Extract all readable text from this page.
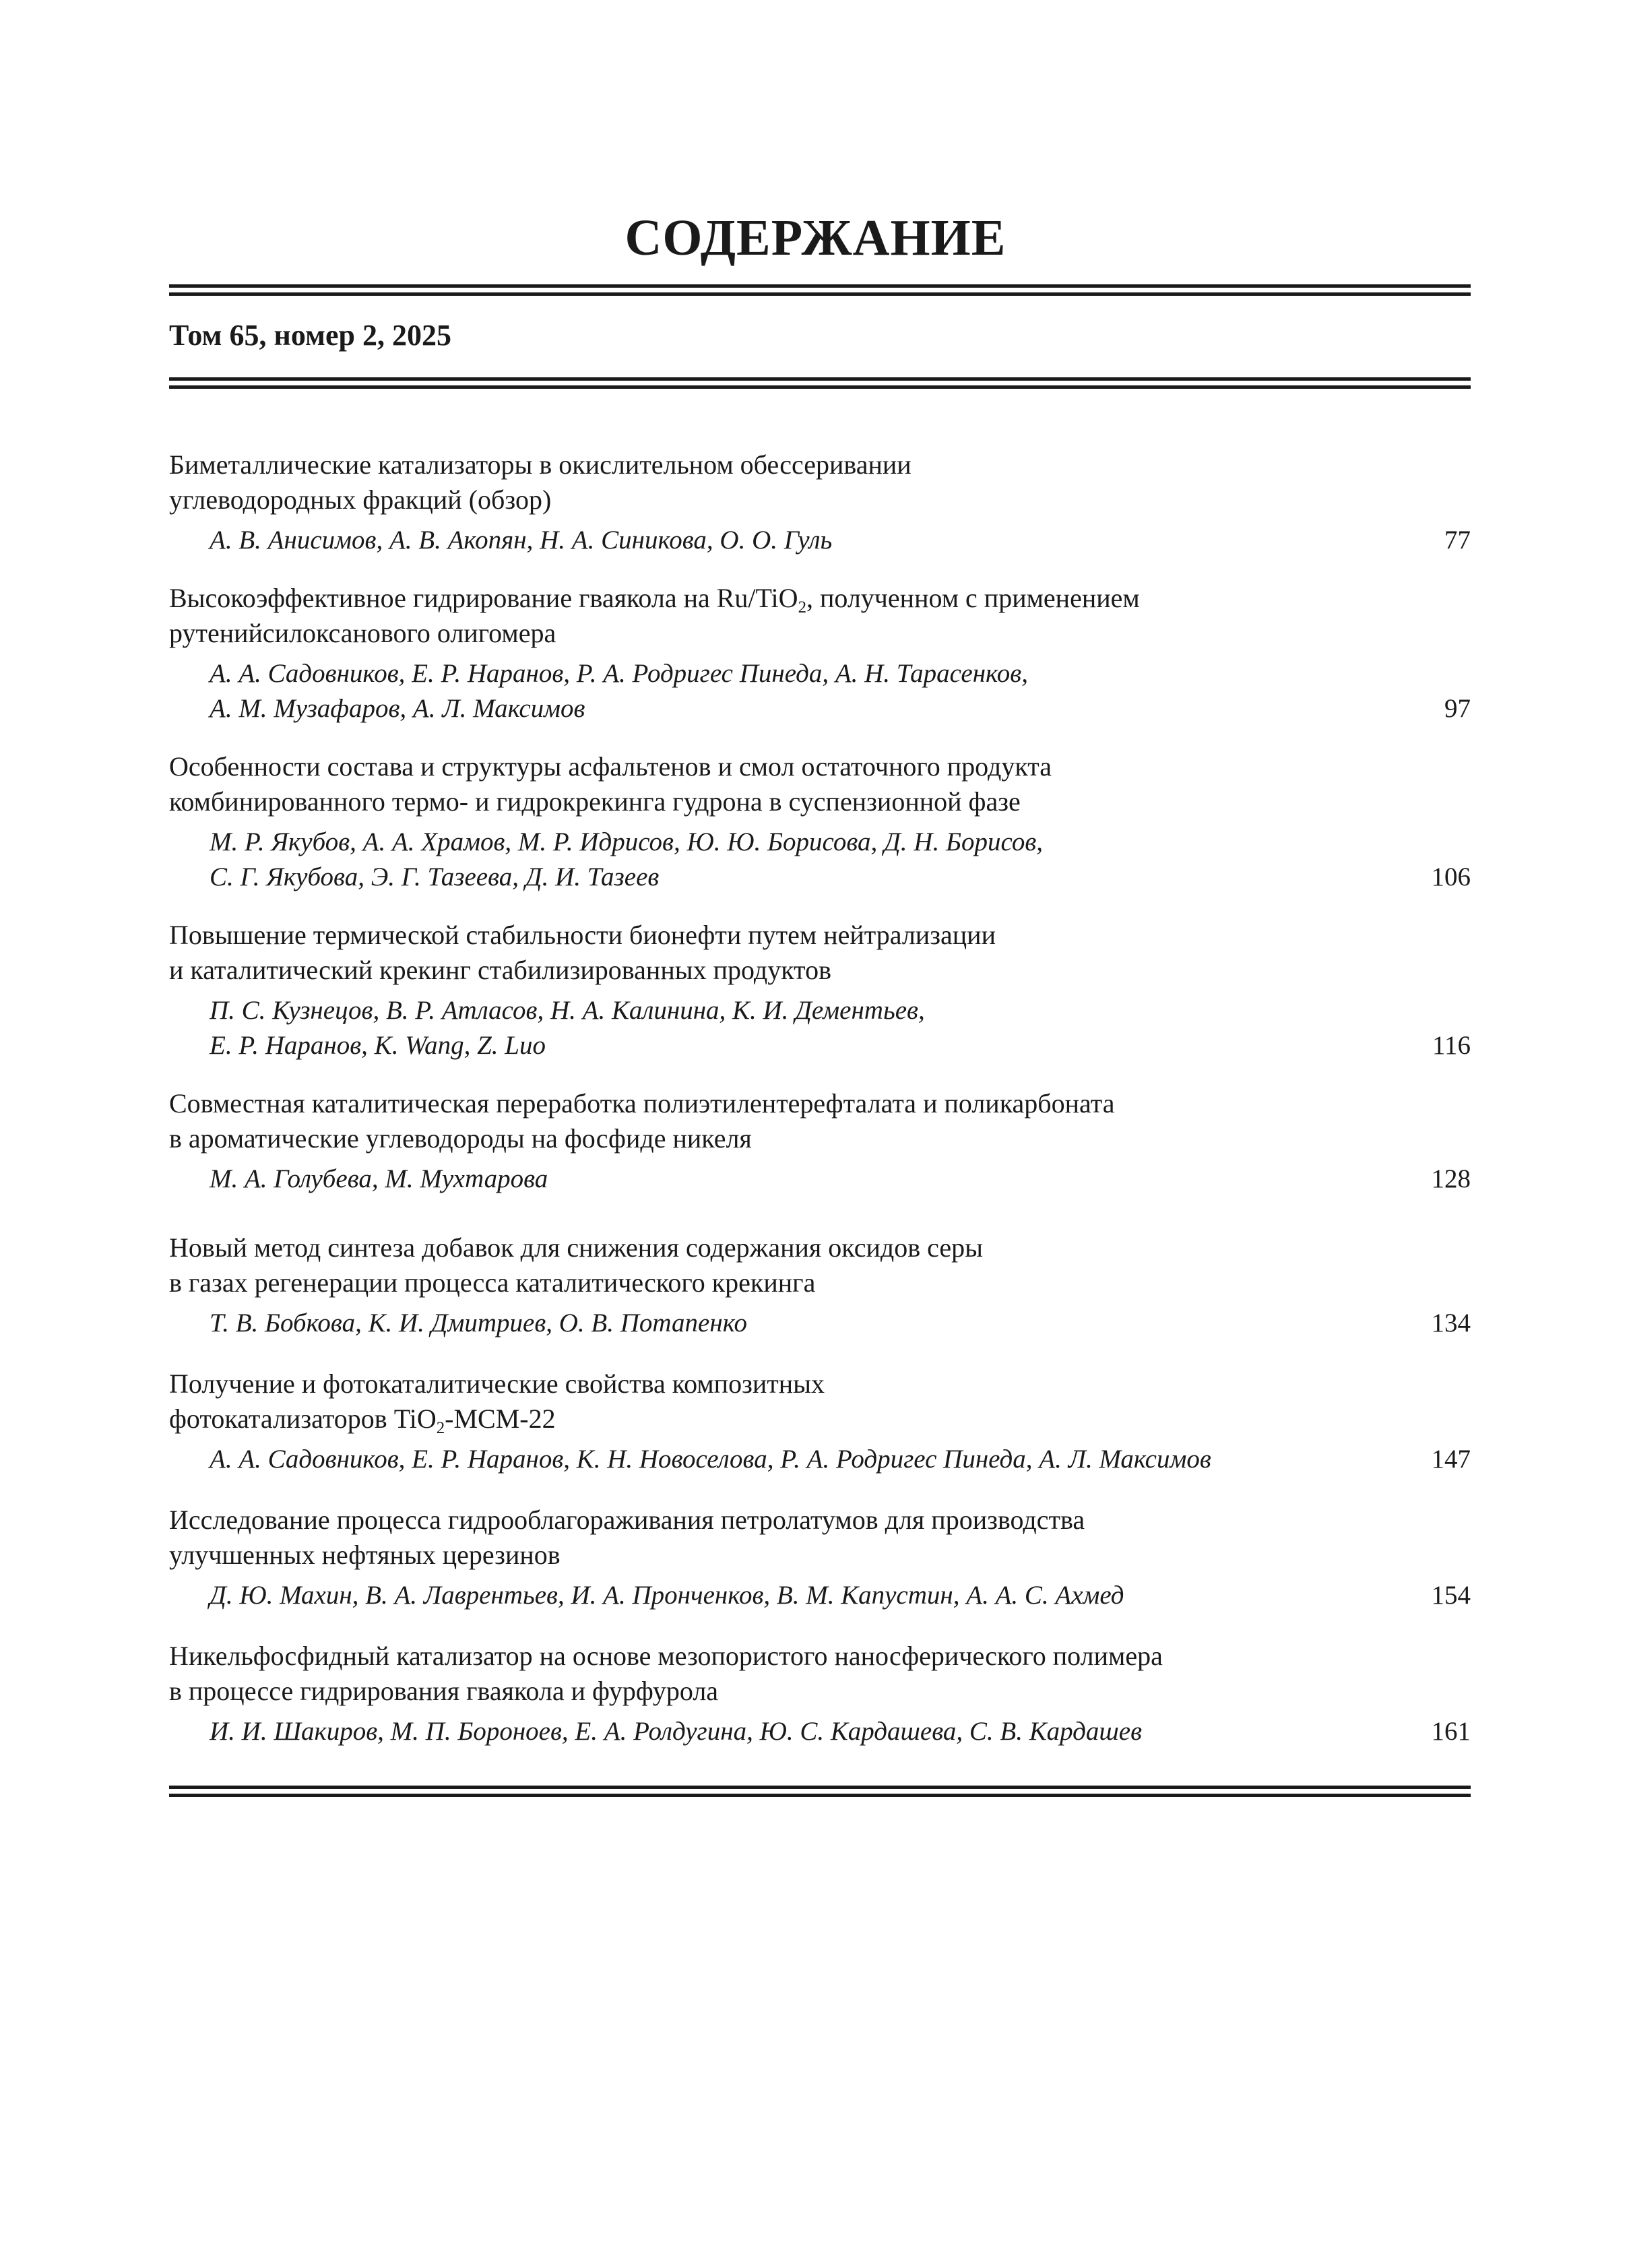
СОДЕРЖАНИЕ
Том 65, номер 2, 2025
Биметаллические катализаторы в окислительном обессеривании
углеводородных фракций (обзор)
А. В. Анисимов, А. В. Акопян, Н. А. Синикова, О. О. Гуль	77
Высокоэффективное гидрирование гваякола на Ru/TiO$_2$, полученном с применением
рутенийсилоксанового олигомера
А. А. Садовников, Е. Р. Наранов, Р. А. Родригес Пинеда, А. Н. Тарасенков,
А. М. Музафаров, А. Л. Максимов	97
Особенности состава и структуры асфальтенов и смол остаточного продукта
комбинированного термо- и гидрокрекинга гудрона в суспензионной фазе
М. Р. Якубов, А. А. Храмов, М. Р. Идрисов, Ю. Ю. Борисова, Д. Н. Борисов,
С. Г. Якубова, Э. Г. Тазеева, Д. И. Тазеев	106
Повышение термической стабильности бионефти путем нейтрализации
и каталитический крекинг стабилизированных продуктов
П. С. Кузнецов, В. Р. Атласов, Н. А. Калинина, К. И. Дементьев,
Е. Р. Наранов, K. Wang, Z. Luo	116
Совместная каталитическая переработка полиэтилентерефталата и поликарбоната
в ароматические углеводороды на фосфиде никеля
М. А. Голубева, М. Мухтарова	128
Новый метод синтеза добавок для снижения содержания оксидов серы
в газах регенерации процесса каталитического крекинга
Т. В. Бобкова, К. И. Дмитриев, О. В. Потапенко	134
Получение и фотокаталитические свойства композитных
фотокатализаторов TiO$_2$-MCM-22
А. А. Садовников, Е. Р. Наранов, К. Н. Новоселова, Р. А. Родригес Пинеда, А. Л. Максимов	147
Исследование процесса гидрооблагораживания петролатумов для производства
улучшенных нефтяных церезинов
Д. Ю. Махин, В. А. Лаврентьев, И. А. Пронченков, В. М. Капустин, А. А. С. Ахмед	154
Никельфосфидный катализатор на основе мезопористого наносферического полимера
в процессе гидрирования гваякола и фурфурола
И. И. Шакиров, М. П. Бороноев, Е. А. Ролдугина, Ю. С. Кардашева, С. В. Кардашев	161
